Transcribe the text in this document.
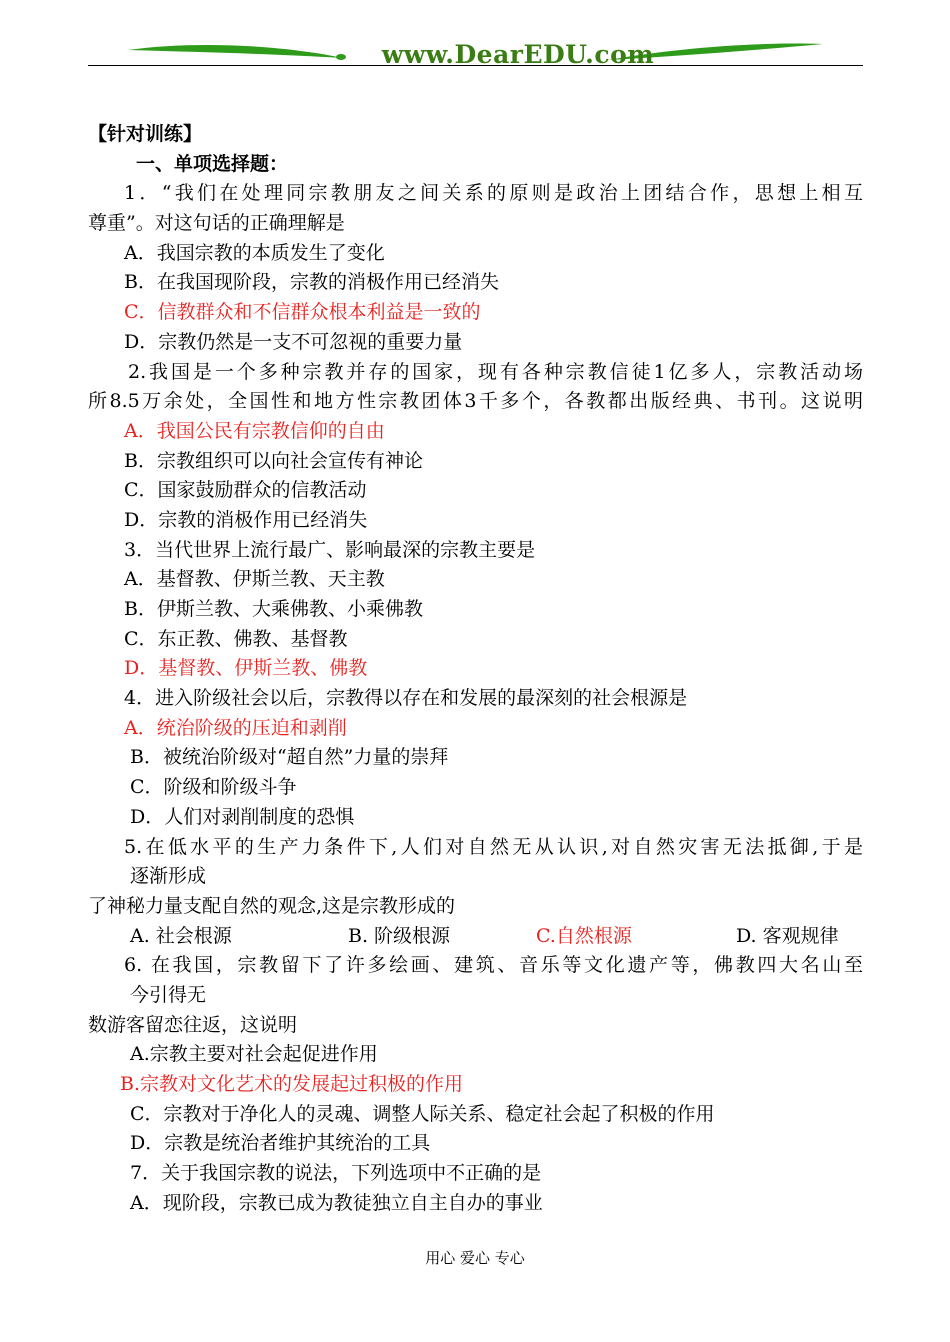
www.DearEDU.com
【针对训练】
一、单项选择题：
1．“我们在处理同宗教朋友之间关系的原则是政治上团结合作，思想上相互
尊重”。对这句话的正确理解是
A．我国宗教的本质发生了变化
B．在我国现阶段，宗教的消极作用已经消失
C．信教群众和不信群众根本利益是一致的
D．宗教仍然是一支不可忽视的重要力量
2.我国是一个多种宗教并存的国家，现有各种宗教信徒1亿多人，宗教活动场
所8.5万余处，全国性和地方性宗教团体3千多个，各教都出版经典、书刊。这说明
A．我国公民有宗教信仰的自由
B．宗教组织可以向社会宣传有神论
C．国家鼓励群众的信教活动
D．宗教的消极作用已经消失
3．当代世界上流行最广、影响最深的宗教主要是
A．基督教、伊斯兰教、天主教
B．伊斯兰教、大乘佛教、小乘佛教
C．东正教、佛教、基督教
D．基督教、伊斯兰教、佛教
4．进入阶级社会以后，宗教得以存在和发展的最深刻的社会根源是
A．统治阶级的压迫和剥削
B．被统治阶级对“超自然”力量的崇拜
C．阶级和阶级斗争
D．人们对剥削制度的恐惧
5.在低水平的生产力条件下,人们对自然无从认识,对自然灾害无法抵御,于是
逐渐形成
了神秘力量支配自然的观念,这是宗教形成的
A. 社会根源	B. 阶级根源	C.自然根源	D. 客观规律
6. 在我国，宗教留下了许多绘画、建筑、音乐等文化遗产等，佛教四大名山至
今引得无
数游客留恋往返，这说明
A.宗教主要对社会起促进作用
B.宗教对文化艺术的发展起过积极的作用
C．宗教对于净化人的灵魂、调整人际关系、稳定社会起了积极的作用
D．宗教是统治者维护其统治的工具
7．关于我国宗教的说法，下列选项中不正确的是
A．现阶段，宗教已成为教徒独立自主自办的事业
用心 爱心 专心
